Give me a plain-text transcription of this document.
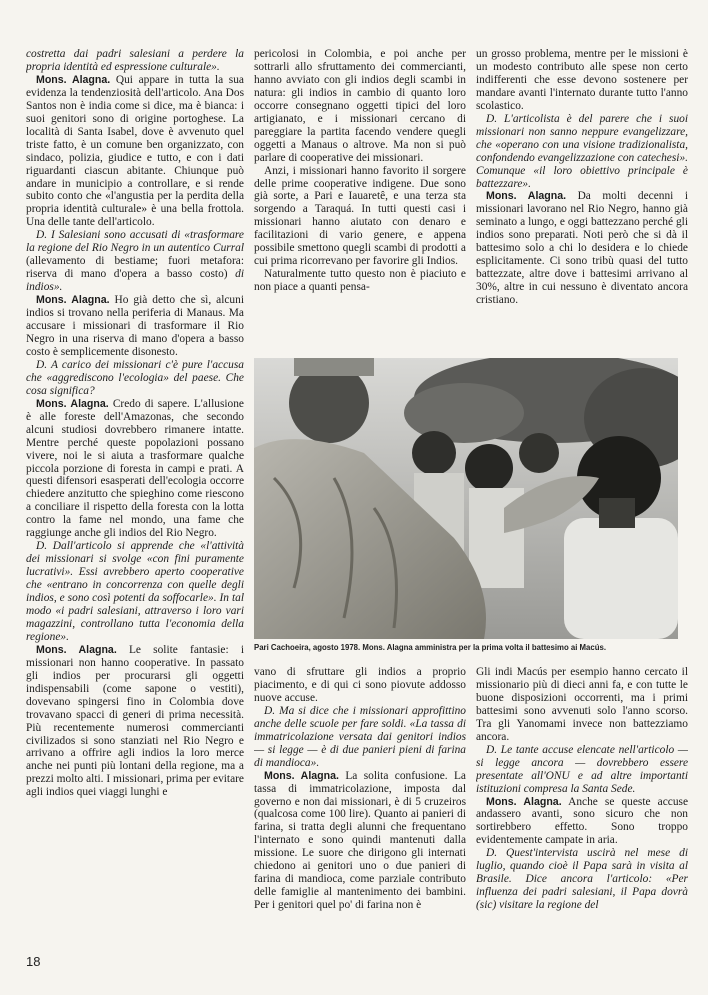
costretta dai padri salesiani a perdere la propria identità ed espressione culturale».

Mons. Alagna. Qui appare in tutta la sua evidenza la tendenziosità dell'articolo. Ana Dos Santos non è india come si dice, ma è bianca: i suoi genitori sono di origine portoghese. La località di Santa Isabel, dove è avvenuto quel triste fatto, è un comune ben organizzato, con sindaco, polizia, giudice e tutto, e con i dati riguardanti ciascun abitante. Chiunque può andare in municipio a controllare, e si rende subito conto che «l'angustia per la perdita della propria identità culturale» è una bella frottola. Una delle tante dell'articolo.

D. I Salesiani sono accusati di «trasformare la regione del Rio Negro in un autentico Curral (allevamento di bestiame; fuori metafora: riserva di mano d'opera a basso costo) di indios».

Mons. Alagna. Ho già detto che sì, alcuni indios si trovano nella periferia di Manaus. Ma accusare i missionari di trasformare il Rio Negro in una riserva di mano d'opera a basso costo è semplicemente disonesto.

D. A carico dei missionari c'è pure l'accusa che «aggrediscono l'ecologia» del paese. Che cosa significa?

Mons. Alagna. Credo di sapere. L'allusione è alle foreste dell'Amazonas, che secondo alcuni studiosi dovrebbero rimanere intatte. Mentre perché queste popolazioni possano vivere, noi le si aiuta a trasformare qualche piccola porzione di foresta in campi e prati. A questi difensori esasperati dell'ecologia occorre chiedere anzitutto che spieghino come riescono a conciliare il rispetto della foresta con la lotta contro la fame nel mondo, una fame che raggiunge anche gli indios del Rio Negro.

D. Dall'articolo si apprende che «l'attività dei missionari si svolge «con fini puramente lucrativi». Essi avrebbero aperto cooperative che «entrano in concorrenza con quelle degli indios, e sono così potenti da soffocarle». In tal modo «i padri salesiani, attraverso i loro vari magazzini, controllano tutta l'economia della regione».

Mons. Alagna. Le solite fantasie: i missionari non hanno cooperative. In passato gli indios per procurarsi gli oggetti indispensabili (come sapone o vestiti), dovevano spingersi fino in Colombia dove trovavano spacci di generi di prima necessità. Più recentemente numerosi commercianti civilizados si sono stanziati nel Rio Negro e arrivano a offrire agli indios la loro merce anche nei punti più lontani della regione, ma a prezzi molto alti. I missionari, prima per evitare agli indios quei viaggi lunghi e

pericolosi in Colombia, e poi anche per sottrarli allo sfruttamento dei commercianti, hanno avviato con gli indios degli scambi in natura: gli indios in cambio di quanto loro occorre consegnano oggetti tipici del loro artigianato, e i missionari cercano di pareggiare la partita facendo vendere quegli oggetti a Manaus o altrove. Ma non si può parlare di cooperative dei missionari.

Anzi, i missionari hanno favorito il sorgere delle prime cooperative indigene. Due sono già sorte, a Pari e Iauaretê, e una terza sta sorgendo a Taraquá. In tutti questi casi i missionari hanno aiutato con denaro e facilitazioni di vario genere, e appena possibile smettono quegli scambi di prodotti a cui prima ricorrevano per favorire gli Indios.

Naturalmente tutto questo non è piaciuto e non piace a quanti pensa-

un grosso problema, mentre per le missioni è un modesto contributo alle spese non certo indifferenti che esse devono sostenere per mandare avanti l'internato durante tutto l'anno scolastico.

D. L'articolista è del parere che i suoi missionari non sanno neppure evangelizzare, che «operano con una visione tradizionalista, confondendo evangelizzazione con catechesi». Comunque «il loro obiettivo principale è battezzare».

Mons. Alagna. Da molti decenni i missionari lavorano nel Rio Negro, hanno già seminato a lungo, e oggi battezzano perché gli indios sono preparati. Noti però che si dà il battesimo solo a chi lo desidera e lo chiede esplicitamente. Ci sono tribù quasi del tutto battezzate, altre dove i battesimi arrivano al 30%, altre in cui nessuno è diventato ancora cristiano.

Pari Cachoeira, agosto 1978. Mons. Alagna amministra per la prima volta il battesimo ai Macús.

vano di sfruttare gli indios a proprio piacimento, e di qui ci sono piovute addosso nuove accuse.

D. Ma si dice che i missionari approfittino anche delle scuole per fare soldi. «La tassa di immatricolazione versata dai genitori indios — si legge — è di due panieri pieni di farina di mandioca».

Mons. Alagna. La solita confusione. La tassa di immatricolazione, imposta dal governo e non dai missionari, è di 5 cruzeiros (qualcosa come 100 lire). Quanto ai panieri di farina, si tratta degli alunni che frequentano l'internato e sono quindi mantenuti dalla missione. Le suore che dirigono gli internati chiedono ai genitori uno o due panieri di farina di mandioca, come parziale contributo delle famiglie al mantenimento dei bambini. Per i genitori quel po' di farina non è

Gli indi Macús per esempio hanno cercato il missionario più di dieci anni fa, e con tutte le buone disposizioni occorrenti, ma i primi battesimi sono avvenuti solo l'anno scorso. Tra gli Yanomami invece non battezziamo ancora.

D. Le tante accuse elencate nell'articolo — si legge ancora — dovrebbero essere presentate all'ONU e ad altre importanti istituzioni compresa la Santa Sede.

Mons. Alagna. Anche se queste accuse andassero avanti, sono sicuro che non sortirebbero effetto. Sono troppo evidentemente campate in aria.

D. Quest'intervista uscirà nel mese di luglio, quando cioè il Papa sarà in visita al Brasile. Dice ancora l'articolo: «Per influenza dei padri salesiani, il Papa dovrà (sic) visitare la regione del

18
